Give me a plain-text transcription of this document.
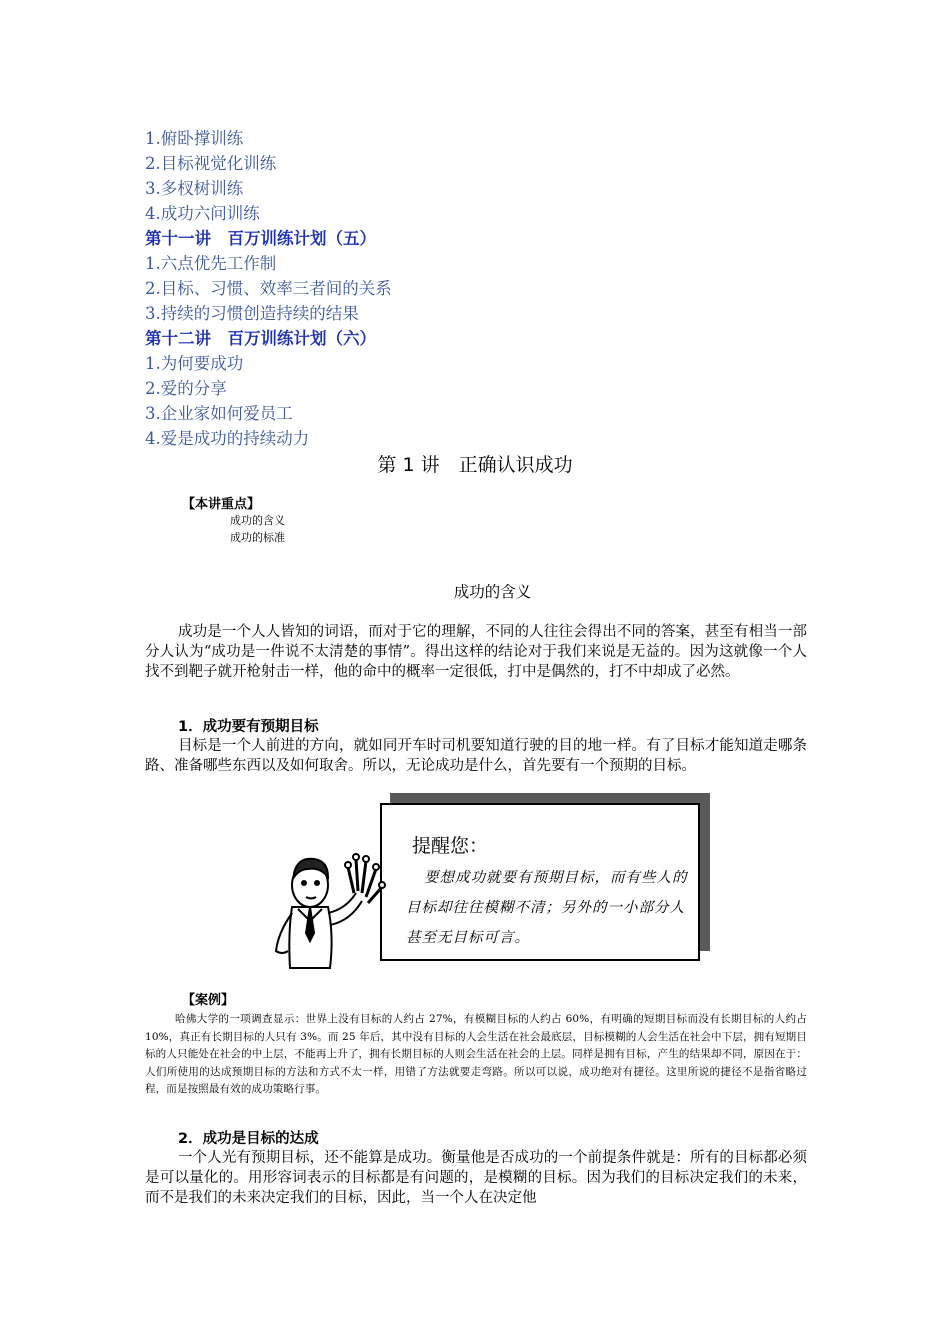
1.俯卧撑训练
2.目标视觉化训练
3.多杈树训练
4.成功六问训练
第十一讲　百万训练计划（五）
1.六点优先工作制
2.目标、习惯、效率三者间的关系
3.持续的习惯创造持续的结果
第十二讲　百万训练计划（六）
1.为何要成功
2.爱的分享
3.企业家如何爱员工
4.爱是成功的持续动力
第 1 讲　正确认识成功
【本讲重点】
成功的含义
成功的标准
成功的含义
成功是一个人人皆知的词语，而对于它的理解，不同的人往往会得出不同的答案，甚至有相当一部分人认为“成功是一件说不太清楚的事情”。得出这样的结论对于我们来说是无益的。因为这就像一个人找不到靶子就开枪射击一样，他的命中的概率一定很低，打中是偶然的，打不中却成了必然。
1．成功要有预期目标
目标是一个人前进的方向，就如同开车时司机要知道行驶的目的地一样。有了目标才能知道走哪条路、准备哪些东西以及如何取舍。所以，无论成功是什么，首先要有一个预期的目标。
提醒您：
要想成功就要有预期目标，而有些人的目标却往往模糊不清；另外的一小部分人甚至无目标可言。
【案例】
哈佛大学的一项调查显示：世界上没有目标的人约占 27%，有模糊目标的人约占 60%，有明确的短期目标而没有长期目标的人约占 10%，真正有长期目标的人只有 3%。而 25 年后，其中没有目标的人会生活在社会最底层，目标模糊的人会生活在社会中下层，拥有短期目标的人只能处在社会的中上层，不能再上升了，拥有长期目标的人则会生活在社会的上层。同样是拥有目标，产生的结果却不同，原因在于：人们所使用的达成预期目标的方法和方式不太一样，用错了方法就要走弯路。所以可以说，成功绝对有捷径。这里所说的捷径不是指省略过程，而是按照最有效的成功策略行事。
2．成功是目标的达成
一个人光有预期目标，还不能算是成功。衡量他是否成功的一个前提条件就是：所有的目标都必须是可以量化的。用形容词表示的目标都是有问题的，是模糊的目标。因为我们的目标决定我们的未来，而不是我们的未来决定我们的目标，因此，当一个人在决定他
